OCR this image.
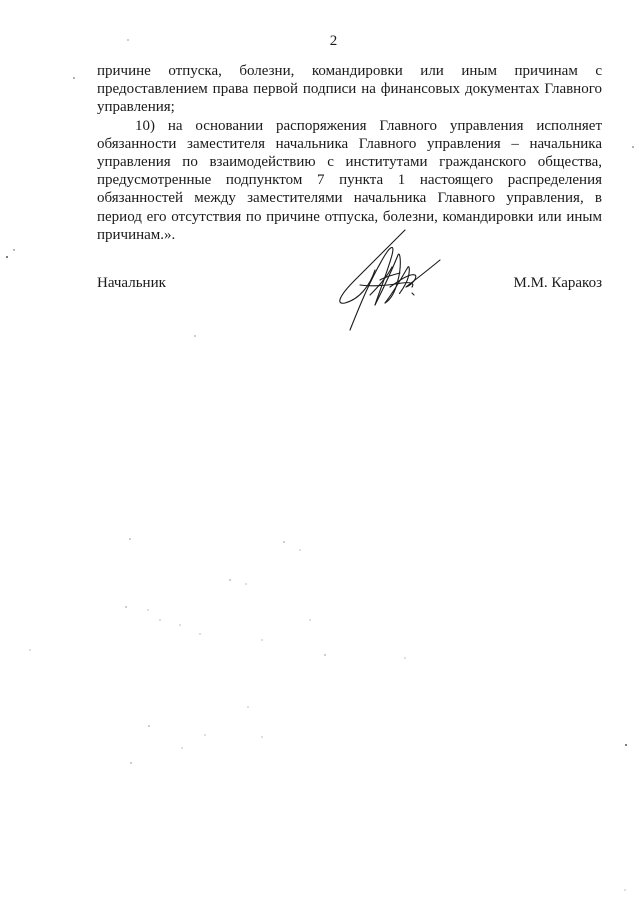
2

причине отпуска, болезни, командировки или иным причинам с предоставлением права первой подписи на финансовых документах Главного управления;

10) на основании распоряжения Главного управления исполняет обязанности заместителя начальника Главного управления – начальника управления по взаимодействию с институтами гражданского общества, предусмотренные подпунктом 7 пункта 1 настоящего распределения обязанностей между заместителями начальника Главного управления, в период его отсутствия по причине отпуска, болезни, командировки или иным причинам.».

Начальник	М.М. Каракоз
